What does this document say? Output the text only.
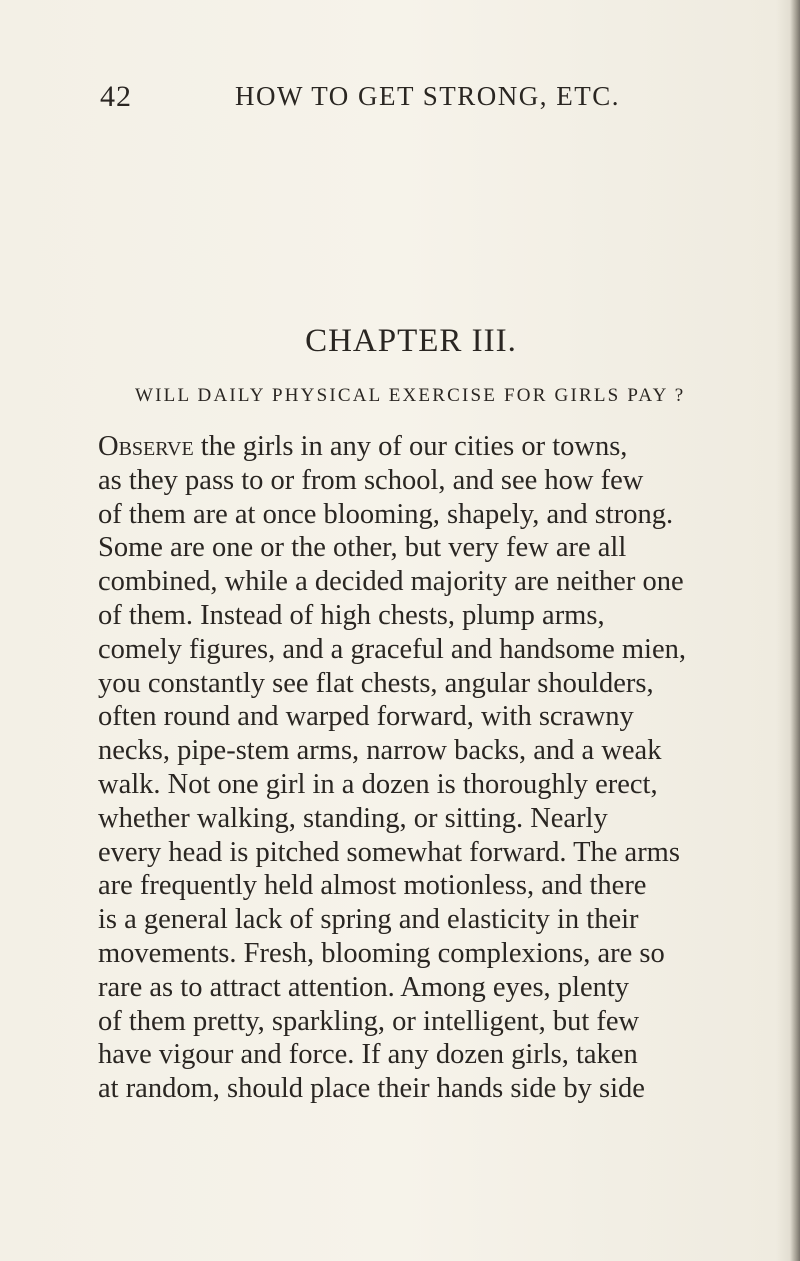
42	HOW TO GET STRONG, ETC.
CHAPTER III.
WILL DAILY PHYSICAL EXERCISE FOR GIRLS PAY ?
Observe the girls in any of our cities or towns,
as they pass to or from school, and see how few
of them are at once blooming, shapely, and strong.
Some are one or the other, but very few are all
combined, while a decided majority are neither one
of them. Instead of high chests, plump arms,
comely figures, and a graceful and handsome mien,
you constantly see flat chests, angular shoulders,
often round and warped forward, with scrawny
necks, pipe-stem arms, narrow backs, and a weak
walk. Not one girl in a dozen is thoroughly erect,
whether walking, standing, or sitting. Nearly
every head is pitched somewhat forward. The arms
are frequently held almost motionless, and there
is a general lack of spring and elasticity in their
movements. Fresh, blooming complexions, are so
rare as to attract attention. Among eyes, plenty
of them pretty, sparkling, or intelligent, but few
have vigour and force. If any dozen girls, taken
at random, should place their hands side by side
